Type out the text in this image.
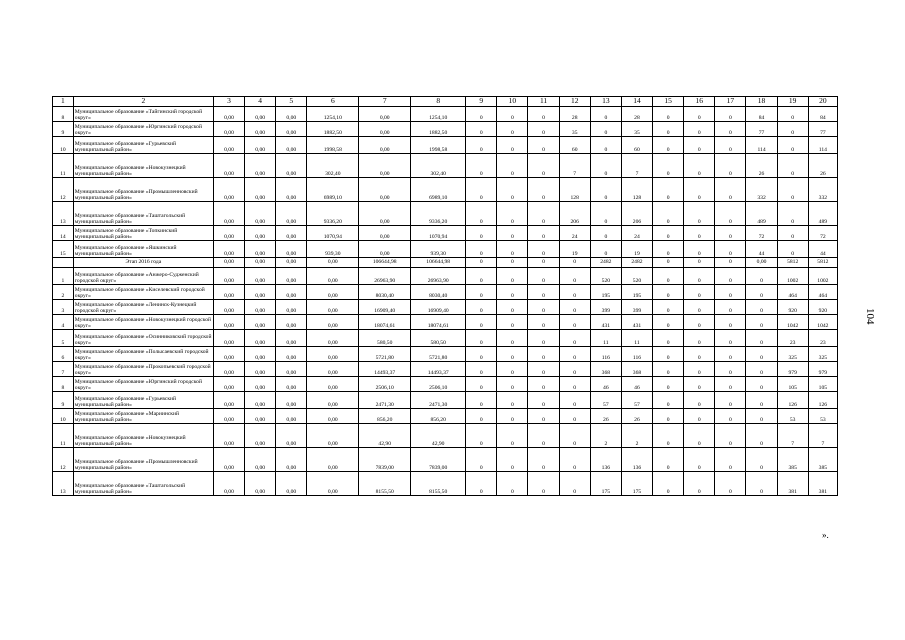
1	2	3	4	5	6	7	8	9	10	11	12	13	14	15	16	17	18	19	20
8	Муниципальное образование «Тайгинский городской округ»	0,00	0,00	0,00	1254,10	0,00	1254,10	0	0	0	28	0	28	0	0	0	84	0	84
9	Муниципальное образование «Юргинский городской округ»	0,00	0,00	0,00	1882,50	0,00	1882,50	0	0	0	35	0	35	0	0	0	77	0	77
10	Муниципальное образование «Гурьевский муниципальный район»	0,00	0,00	0,00	1998,58	0,00	1998,58	0	0	0	60	0	60	0	0	0	114	0	114
11	Муниципальное образование «Новокузнецкий муниципальный район»	0,00	0,00	0,00	302,40	0,00	302,40	0	0	0	7	0	7	0	0	0	26	0	26
12	Муниципальное образование «Промышленновский муниципальный район»	0,00	0,00	0,00	6989,10	0,00	6989,10	0	0	0	128	0	128	0	0	0	332	0	332
13	Муниципальное образование «Таштагольский муниципальный район»	0,00	0,00	0,00	9336,20	0,00	9336,20	0	0	0	206	0	206	0	0	0	489	0	489
14	Муниципальное образование «Топкинский муниципальный район»	0,00	0,00	0,00	1070,94	0,00	1070,94	0	0	0	24	0	24	0	0	0	72	0	72
15	Муниципальное образование «Яшкинский муниципальный район»	0,00	0,00	0,00	939,30	0,00	939,30	0	0	0	19	0	19	0	0	0	44	0	44
	Этап 2016 года	0,00	0,00	0,00	0,00	106644,98	106644,98	0	0	0	0	2482	2482	0	0	0	0,00	5812	5812
1	Муниципальное образование «Анжеро-Судженский городской округ»	0,00	0,00	0,00	0,00	26963,90	26963,90	0	0	0	0	520	520	0	0	0	0	1002	1002
2	Муниципальное образование «Киселевский городской округ»	0,00	0,00	0,00	0,00	8030,40	8030,40	0	0	0	0	195	195	0	0	0	0	464	464
3	Муниципальное образование «Ленинск-Кузнецкий городской округ»	0,00	0,00	0,00	0,00	16909,40	16909,40	0	0	0	0	399	399	0	0	0	0	920	920
4	Муниципальное образование «Новокузнецкий городской округ»	0,00	0,00	0,00	0,00	18074,61	18074,61	0	0	0	0	431	431	0	0	0	0	1042	1042
5	Муниципальное образование «Осинниковский городской округ»	0,00	0,00	0,00	0,00	580,50	580,50	0	0	0	0	11	11	0	0	0	0	23	23
6	Муниципальное образование «Полысаевский городской округ»	0,00	0,00	0,00	0,00	5721,80	5721,80	0	0	0	0	116	116	0	0	0	0	325	325
7	Муниципальное образование «Прокопьевский городской округ»	0,00	0,00	0,00	0,00	14493,37	14493,37	0	0	0	0	368	368	0	0	0	0	979	979
8	Муниципальное образование «Юргинский городской округ»	0,00	0,00	0,00	0,00	2506,10	2506,10	0	0	0	0	46	46	0	0	0	0	105	105
9	Муниципальное образование «Гурьевский муниципальный район»	0,00	0,00	0,00	0,00	2471,30	2471,30	0	0	0	0	57	57	0	0	0	0	126	126
10	Муниципальное образование «Мариинский муниципальный район»	0,00	0,00	0,00	0,00	856,20	856,20	0	0	0	0	26	26	0	0	0	0	53	53
11	Муниципальное образование «Новокузнецкий муниципальный район»	0,00	0,00	0,00	0,00	42,90	42,90	0	0	0	0	2	2	0	0	0	0	7	7
12	Муниципальное образование «Промышленновский муниципальный район»	0,00	0,00	0,00	0,00	7839,00	7839,00	0	0	0	0	136	136	0	0	0	0	385	385
13	Муниципальное образование «Таштагольский муниципальный район»	0,00	0,00	0,00	0,00	8155,50	8155,50	0	0	0	0	175	175	0	0	0	0	381	381
104
».
